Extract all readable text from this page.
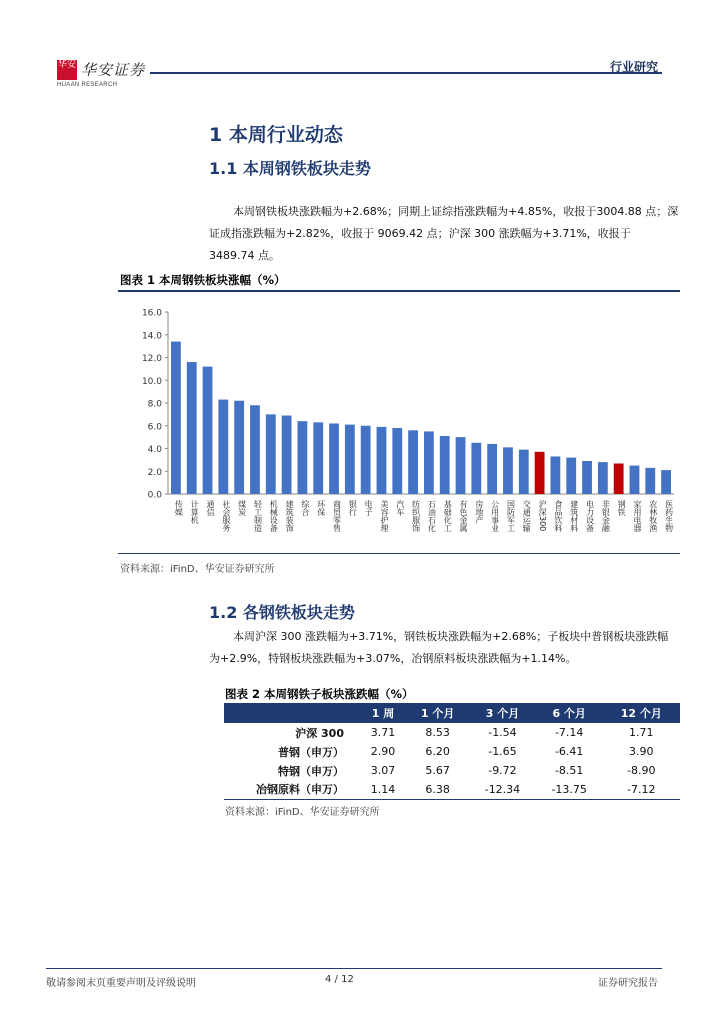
华安 华安证券
HUAAN RESEARCH
行业研究
1 本周行业动态
1.1 本周钢铁板块走势
本周钢铁板块涨跌幅为+2.68%；同期上证综指涨跌幅为+4.85%，收报于3004.88 点；深证成指涨跌幅为+2.82%，收报于 9069.42 点；沪深 300 涨跌幅为+3.71%，收报于 3489.74 点。
图表 1 本周钢铁板块涨幅（%）
0.0
2.0
4.0
6.0
8.0
10.0
12.0
14.0
16.0
传媒 计算机 通信 社会服务 煤炭 轻工制造 机械设备 建筑装饰 综合 环保 商贸零售 银行 电子 美容护理 汽车 纺织服饰 石油石化 基础化工 有色金属 房地产 公用事业 国防军工 交通运输 沪深300 食品饮料 建筑材料 电力设备 非银金融 钢铁 家用电器 农林牧渔 医药生物
资料来源：iFinD、华安证券研究所
1.2 各钢铁板块走势
本周沪深 300 涨跌幅为+3.71%，钢铁板块涨跌幅为+2.68%；子板块中普钢板块涨跌幅为+2.9%，特钢板块涨跌幅为+3.07%，冶钢原料板块涨跌幅为+1.14%。
图表 2 本周钢铁子板块涨跌幅（%）
	1 周	1 个月	3 个月	6 个月	12 个月
沪深 300	3.71	8.53	-1.54	-7.14	1.71
普钢（申万）	2.90	6.20	-1.65	-6.41	3.90
特钢（申万）	3.07	5.67	-9.72	-8.51	-8.90
冶钢原料（申万）	1.14	6.38	-12.34	-13.75	-7.12
资料来源：iFinD、华安证券研究所
敬请参阅末页重要声明及评级说明	4 / 12	证券研究报告
